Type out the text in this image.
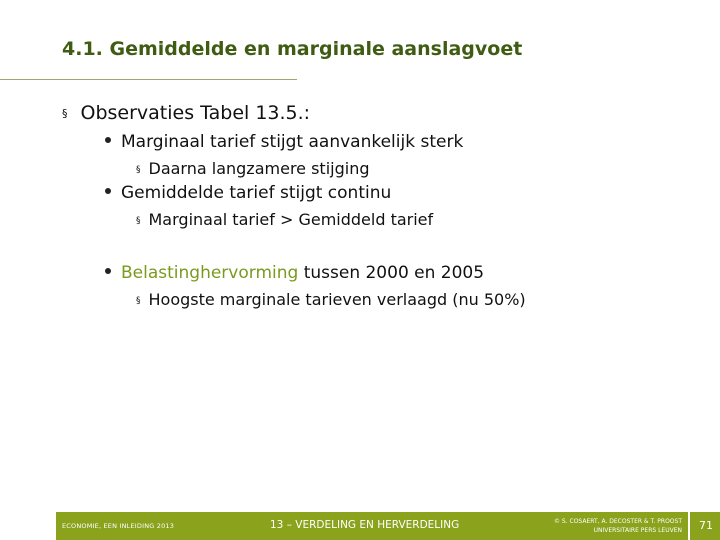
4.1. Gemiddelde en marginale aanslagvoet
§ Observaties Tabel 13.5.:
Marginaal tarief stijgt aanvankelijk sterk
§ Daarna langzamere stijging
Gemiddelde tarief stijgt continu
§ Marginaal tarief > Gemiddeld tarief
Belastinghervorming tussen 2000 en 2005
§ Hoogste marginale tarieven verlaagd (nu 50%)
ECONOMIE, EEN INLEIDING 2013	13 – VERDELING EN HERVERDELING	© S. COSAERT, A. DECOSTER & T. PROOST
UNIVERSITAIRE PERS LEUVEN	71
